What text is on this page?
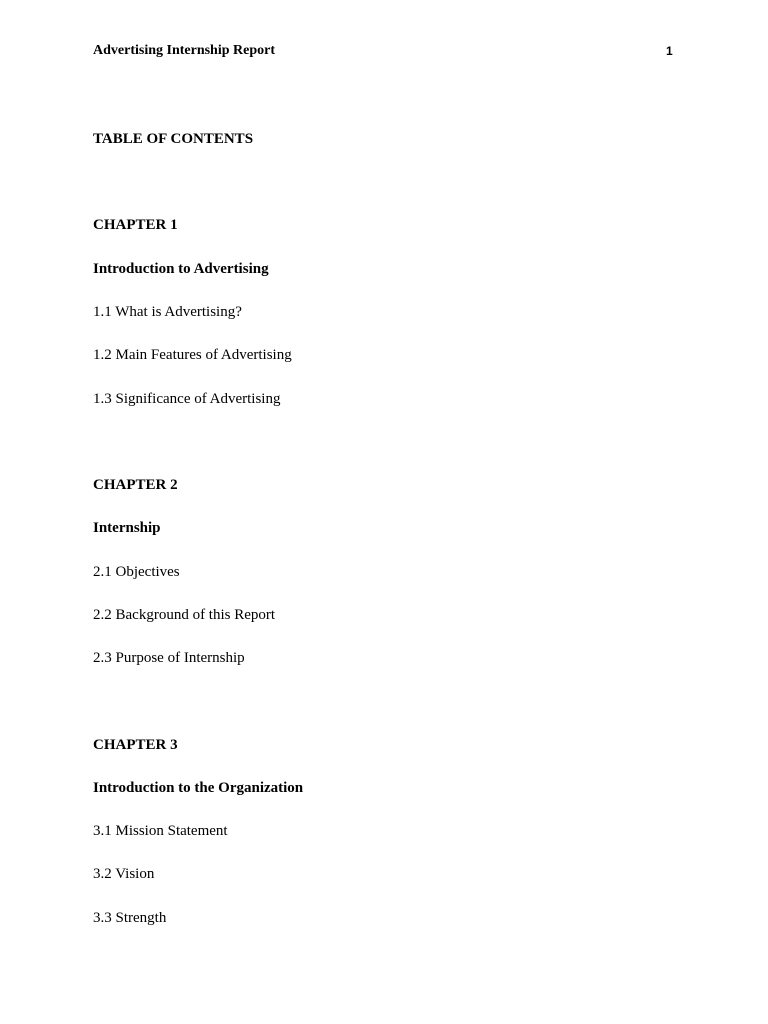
Advertising Internship Report	1
TABLE OF CONTENTS
CHAPTER 1
Introduction to Advertising
1.1 What is Advertising?
1.2 Main Features of Advertising
1.3 Significance of Advertising
CHAPTER 2
Internship
2.1 Objectives
2.2 Background of this Report
2.3 Purpose of Internship
CHAPTER 3
Introduction to the Organization
3.1 Mission Statement
3.2 Vision
3.3 Strength
